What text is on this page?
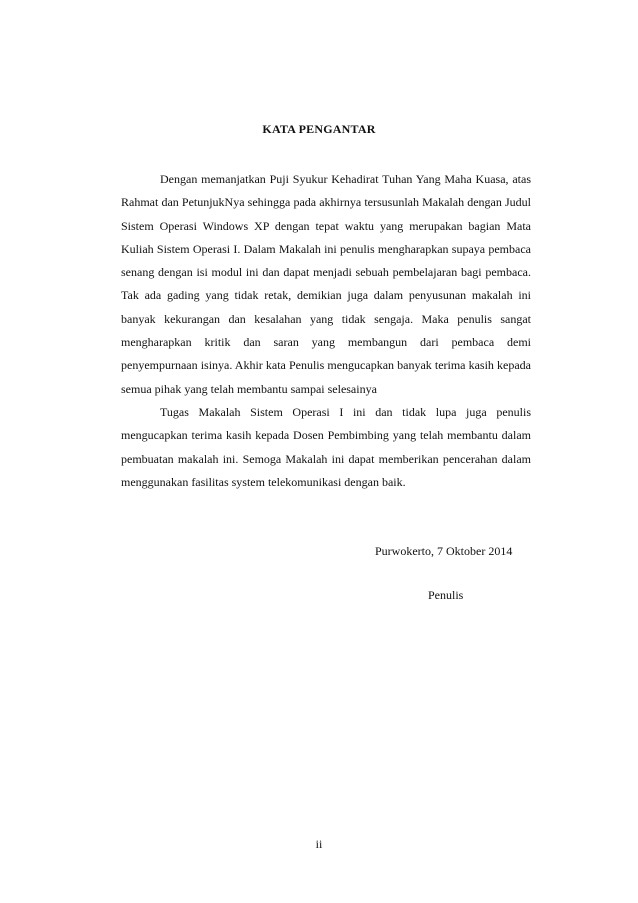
KATA PENGANTAR

Dengan memanjatkan Puji Syukur Kehadirat Tuhan Yang Maha Kuasa, atas Rahmat dan PetunjukNya sehingga pada akhirnya tersusunlah Makalah dengan Judul Sistem Operasi Windows XP dengan tepat waktu yang merupakan bagian Mata Kuliah Sistem Operasi I. Dalam Makalah ini penulis mengharapkan supaya pembaca senang dengan isi modul ini dan dapat menjadi sebuah pembelajaran bagi pembaca. Tak ada gading yang tidak retak, demikian juga dalam penyusunan makalah ini banyak kekurangan dan kesalahan yang tidak sengaja. Maka penulis sangat mengharapkan kritik dan saran yang membangun dari pembaca demi penyempurnaan isinya. Akhir kata Penulis mengucapkan banyak terima kasih kepada semua pihak yang telah membantu sampai selesainya

Tugas Makalah Sistem Operasi I ini dan tidak lupa juga penulis mengucapkan terima kasih kepada Dosen Pembimbing yang telah membantu dalam pembuatan makalah ini. Semoga Makalah ini dapat memberikan pencerahan dalam menggunakan fasilitas system telekomunikasi dengan baik.

Purwokerto, 7 Oktober 2014
Penulis
ii
